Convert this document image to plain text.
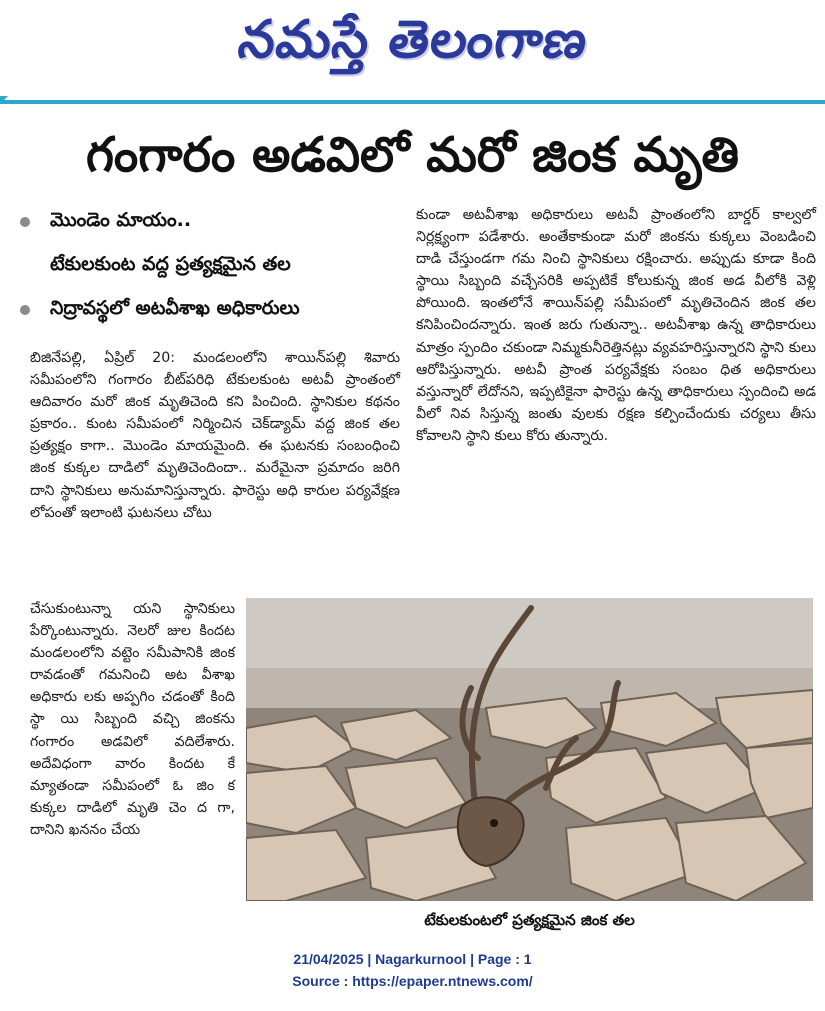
నమస్తే తెలంగాణ
గంగారం అడవిలో మరో జింక మృతి
మొండెం మాయం..
టేకులకుంట వద్ద ప్రత్యక్షమైన తల
నిద్రావస్థలో అటవీశాఖ అధికారులు

బిజినేపల్లి, ఏప్రిల్ 20: మండలంలోని శాయిన్‌పల్లి శివారు సమీపంలోని గంగారం బీట్‌పరిధి టేకులకుంట అటవీ ప్రాంతంలో ఆదివారం మరో జింక మృతిచెంది కని పించింది. స్థానికుల కథనం ప్రకారం.. కుంట సమీపంలో నిర్మించిన చెక్‌డ్యామ్ వద్ద జింక తల ప్రత్యక్షం కాగా.. మొండెం మాయమైంది. ఈ ఘటనకు సంబంధించి జింక కుక్కల దాడిలో మృతిచెందిందా.. మరేమైనా ప్రమాదం జరిగి దాని స్థానికులు అనుమానిస్తున్నారు. ఫారెస్టు అధి కారుల పర్యవేక్షణ లోపంతో ఇలాంటి ఘటనలు చోటు

చేసుకుంటున్నా యని స్థానికులు పేర్కొంటున్నారు. నెలరో జుల కిందట మండలంలోని వట్టెం సమీపానికి జింక రావడంతో గమనించి అట వీశాఖ అధికారు లకు అప్పగిం చడంతో కింది స్థా యి సిబ్బంది వచ్చి జింకను గంగారం అడవిలో వదిలేశారు. అదేవిధంగా వారం కిందట కే మ్యాతండా సమీపంలో ఓ జిం క కుక్కల దాడిలో మృతి చెం ద గా, దానిని ఖననం చేయ

కుండా అటవీశాఖ అధికారులు అటవీ ప్రాంతంలోని బార్డర్ కాల్వలో నిర్లక్ష్యంగా పడేశారు. అంతేకాకుండా మరో జింకను కుక్కలు వెంబడించి దాడి చేస్తుండగా గమ నించి స్థానికులు రక్షించారు. అప్పుడు కూడా కింది స్థాయి సిబ్బంది వచ్చేసరికి అప్పటికే కోలుకున్న జింక అడ వీలోకి వెళ్లి పోయింది. ఇంతలోనే శాయిన్‌పల్లి సమీపంలో మృతిచెందిన జింక తల కనిపించిందన్నారు. ఇంత జరు గుతున్నా.. అటవీశాఖ ఉన్న తాధికారులు మాత్రం స్పందిం చకుండా నిమ్మకునీరెత్తినట్లు వ్యవహరిస్తున్నారని స్థాని కులు ఆరోపిస్తున్నారు. అటవీ ప్రాంత పర్యవేక్షకు సంబం ధిత అధికారులు వస్తున్నారో లేదోనని, ఇప్పటికైనా ఫారెస్టు ఉన్న తాధికారులు స్పందించి అడ వీలో నివ సిస్తున్న జంతు వులకు రక్షణ కల్పించేందుకు చర్యలు తీసు కోవాలని స్థాని కులు కోరు తున్నారు.

టేకులకుంటలో ప్రత్యక్షమైన జింక తల
21/04/2025 | Nagarkurnool | Page : 1
Source : https://epaper.ntnews.com/
